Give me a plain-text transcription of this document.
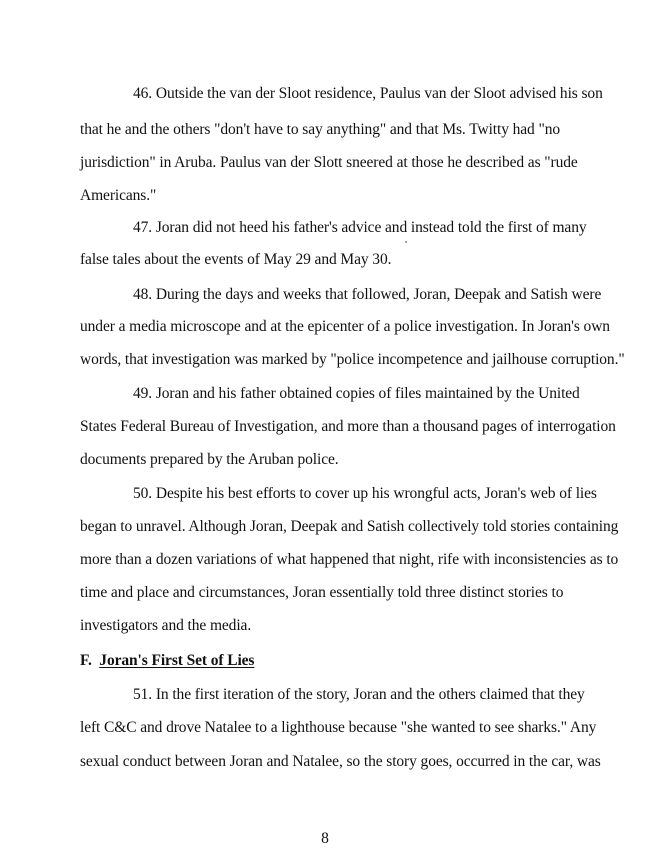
46. Outside the van der Sloot residence, Paulus van der Sloot advised his son
that he and the others "don't have to say anything" and that Ms. Twitty had "no
jurisdiction" in Aruba. Paulus van der Slott sneered at those he described as "rude
Americans."
47. Joran did not heed his father's advice and instead told the first of many
false tales about the events of May 29 and May 30.
48. During the days and weeks that followed, Joran, Deepak and Satish were
under a media microscope and at the epicenter of a police investigation. In Joran's own
words, that investigation was marked by "police incompetence and jailhouse corruption."
49. Joran and his father obtained copies of files maintained by the United
States Federal Bureau of Investigation, and more than a thousand pages of interrogation
documents prepared by the Aruban police.
50. Despite his best efforts to cover up his wrongful acts, Joran's web of lies
began to unravel. Although Joran, Deepak and Satish collectively told stories containing
more than a dozen variations of what happened that night, rife with inconsistencies as to
time and place and circumstances, Joran essentially told three distinct stories to
investigators and the media.
F. Joran's First Set of Lies
51. In the first iteration of the story, Joran and the others claimed that they
left C&C and drove Natalee to a lighthouse because "she wanted to see sharks." Any
sexual conduct between Joran and Natalee, so the story goes, occurred in the car, was
8
